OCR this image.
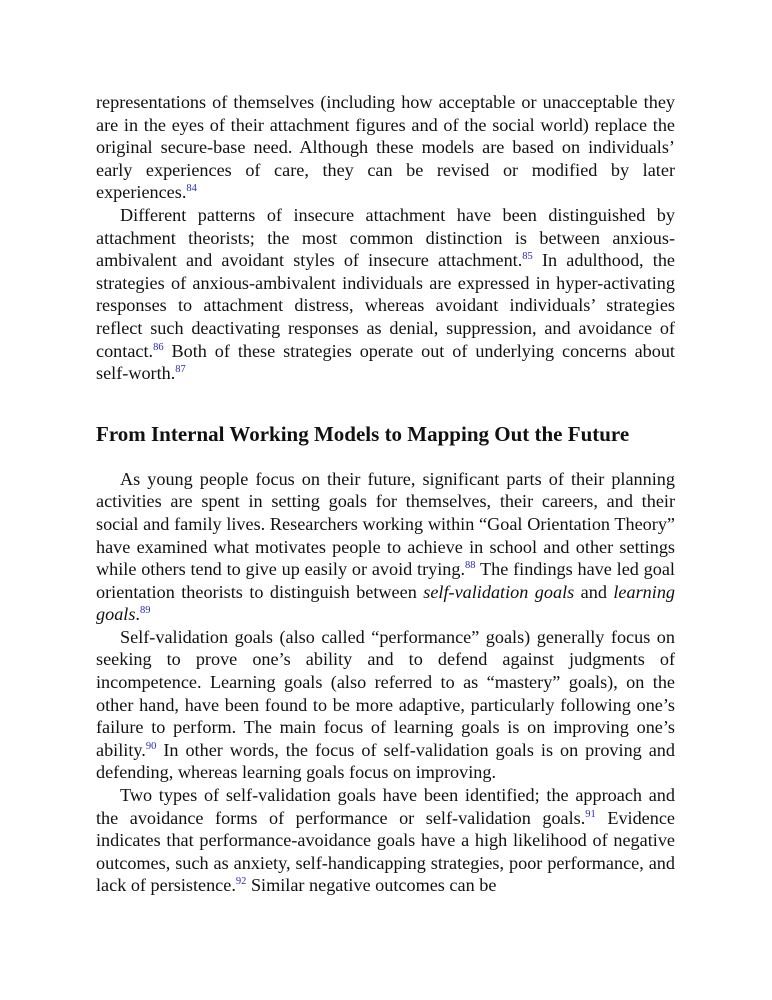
representations of themselves (including how acceptable or unacceptable they are in the eyes of their attachment figures and of the social world) replace the original secure-base need. Although these models are based on individuals’ early experiences of care, they can be revised or modified by later experiences.$^{84}$

Different patterns of insecure attachment have been distinguished by attachment theorists; the most common distinction is between anxious-ambivalent and avoidant styles of insecure attachment.$^{85}$ In adulthood, the strategies of anxious-ambivalent individuals are expressed in hyper-activating responses to attachment distress, whereas avoidant individuals’ strategies reflect such deactivating responses as denial, suppression, and avoidance of contact.$^{86}$ Both of these strategies operate out of underlying concerns about self-worth.$^{87}$

From Internal Working Models to Mapping Out the Future

As young people focus on their future, significant parts of their planning activities are spent in setting goals for themselves, their careers, and their social and family lives. Researchers working within “Goal Orientation Theory” have examined what motivates people to achieve in school and other settings while others tend to give up easily or avoid trying.$^{88}$ The findings have led goal orientation theorists to distinguish between self-validation goals and learning goals.$^{89}$

Self-validation goals (also called “performance” goals) generally focus on seeking to prove one’s ability and to defend against judgments of incompetence. Learning goals (also referred to as “mastery” goals), on the other hand, have been found to be more adaptive, particularly following one’s failure to perform. The main focus of learning goals is on improving one’s ability.$^{90}$ In other words, the focus of self-validation goals is on proving and defending, whereas learning goals focus on improving.

Two types of self-validation goals have been identified; the approach and the avoidance forms of performance or self-validation goals.$^{91}$ Evidence indicates that performance-avoidance goals have a high likelihood of negative outcomes, such as anxiety, self-handicapping strategies, poor performance, and lack of persistence.$^{92}$ Similar negative outcomes can be
